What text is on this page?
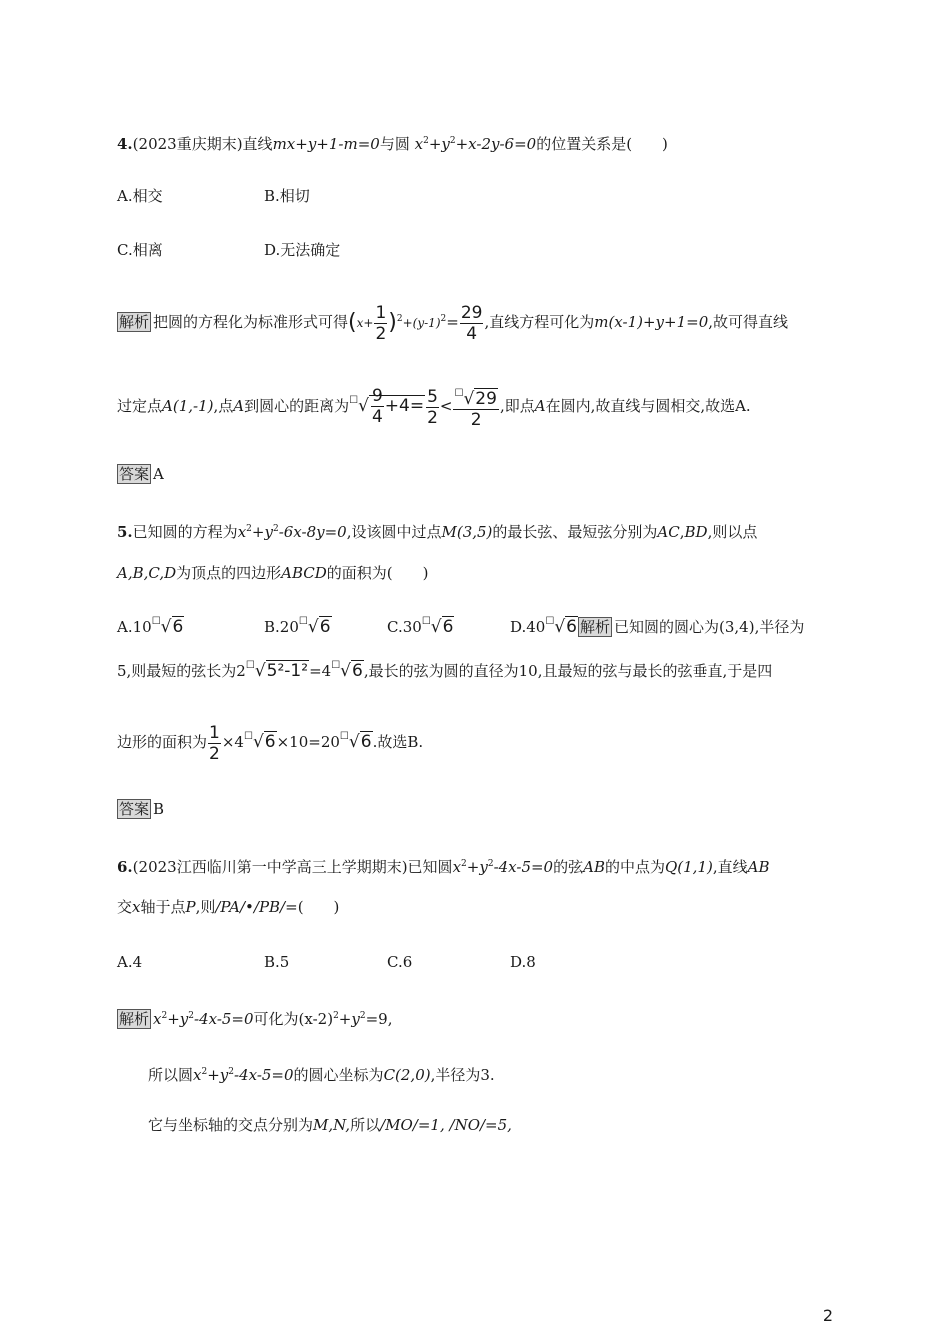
4.(2023重庆期末)直线mx+y+1-m=0与圆 $x^2+y^2+x-2y-6=0$的位置关系是(　　)
A.相交	B.相切
C.相离	D.无法确定
解析 把圆的方程化为标准形式可得$(x+ \frac{1}{2} )^2+(y-1)^2= \frac{29}{4}$ ,直线方程可化为m(x-1)+y+1=0,故可得直线
过定点A(1,-1),点A到圆心的距离为☐√ $\frac{9}{4} +4= \frac{5}{2} < \frac{☐√29}{2}$ ,即点A在圆内,故直线与圆相交,故选A.
答案 A
5.已知圆的方程为$x^2+y^2-6x-8y=0$,设该圆中过点M(3,5)的最长弦、最短弦分别为AC,BD,则以点
A,B,C,D为顶点的四边形ABCD的面积为(　　)
A.10☐√6	B.20☐√6	C.30☐√6	D.40☐√6 解析 已知圆的圆心为(3,4),半径为
5,则最短的弦长为2☐√5²-1²=4☐√6,最长的弦为圆的直径为10,且最短的弦与最长的弦垂直,于是四
边形的面积为 $\frac{1}{2}$ ×4☐√6×10=20☐√6.故选B.
答案 B
6.(2023江西临川第一中学高三上学期期末)已知圆$x^2+y^2-4x-5=0$的弦AB的中点为Q(1,1),直线AB
交x轴于点P,则/PA/•/PB/=(　　)
A.4	B.5	C.6	D.8
解析 $x^2+y^2-4x-5=0$可化为$(x-2)^2+y^2=9$,
所以圆$x^2+y^2-4x-5=0$的圆心坐标为C(2,0),半径为3.
它与坐标轴的交点分别为M,N,所以/MO/=1, /NO/=5,
2
